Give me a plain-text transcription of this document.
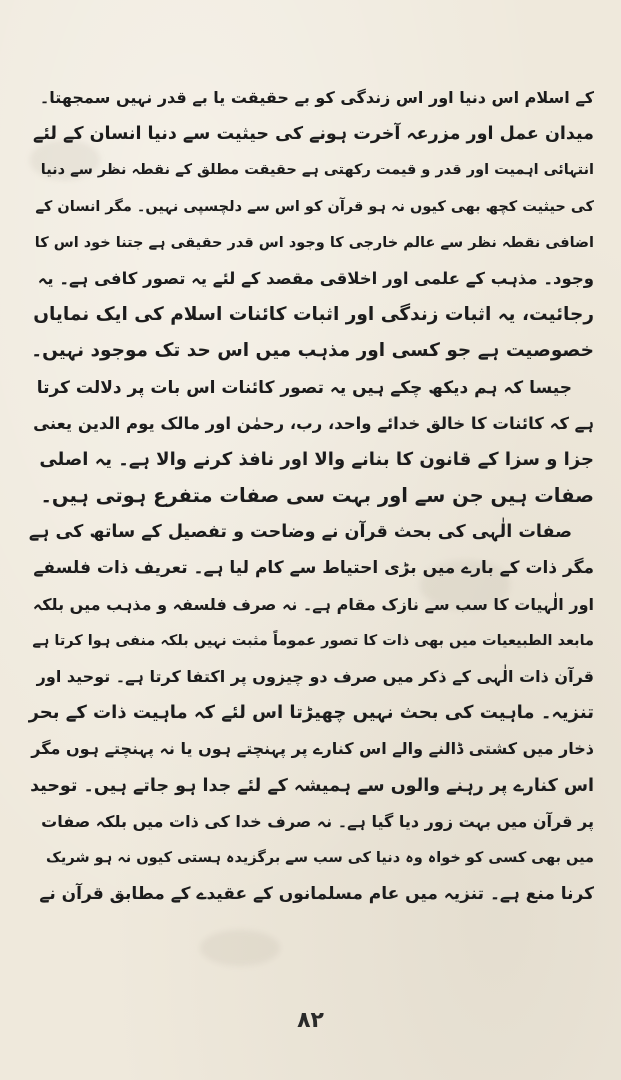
کے اسلام اس دنیا اور اس زندگی کو بے حقیقت یا بے قدر نہیں سمجھتا۔

میدان عمل اور مزرعہ آخرت ہونے کی حیثیت سے دنیا انسان کے لئے

انتہائی اہمیت اور قدر و قیمت رکھتی ہے حقیقت مطلق کے نقطہ نظر سے دنیا

کی حیثیت کچھ بھی کیوں نہ ہو قرآن کو اس سے دلچسپی نہیں۔ مگر انسان کے

اضافی نقطہ نظر سے عالم خارجی کا وجود اس قدر حقیقی ہے جتنا خود اس کا

وجود۔ مذہب کے علمی اور اخلاقی مقصد کے لئے یہ تصور کافی ہے۔ یہ

رجائیت، یہ اثبات زندگی اور اثبات کائنات اسلام کی ایک نمایاں

خصوصیت ہے جو کسی اور مذہب میں اس حد تک موجود نہیں۔

جیسا کہ ہم دیکھ چکے ہیں یہ تصور کائنات اس بات پر دلالت کرتا

ہے کہ کائنات کا خالق خدائے واحد، رب، رحمٰن اور مالک یوم الدین یعنی

جزا و سزا کے قانون کا بنانے والا اور نافذ کرنے والا ہے۔ یہ اصلی

صفات ہیں جن سے اور بہت سی صفات متفرع ہوتی ہیں۔

صفات الٰہی کی بحث قرآن نے وضاحت و تفصیل کے ساتھ کی ہے

مگر ذات کے بارے میں بڑی احتیاط سے کام لیا ہے۔ تعریف ذات فلسفے

اور الٰہیات کا سب سے نازک مقام ہے۔ نہ صرف فلسفہ و مذہب میں بلکہ

مابعد الطبیعیات میں بھی ذات کا تصور عموماً مثبت نہیں بلکہ منفی ہوا کرتا ہے

قرآن ذات الٰہی کے ذکر میں صرف دو چیزوں پر اکتفا کرتا ہے۔ توحید اور

تنزیہ۔ ماہیت کی بحث نہیں چھیڑتا اس لئے کہ ماہیت ذات کے بحر

ذخار میں کشتی ڈالنے والے اس کنارے پر پہنچتے ہوں یا نہ پہنچتے ہوں مگر

اس کنارے پر رہنے والوں سے ہمیشہ کے لئے جدا ہو جاتے ہیں۔ توحید

پر قرآن میں بہت زور دیا گیا ہے۔ نہ صرف خدا کی ذات میں بلکہ صفات

میں بھی کسی کو خواہ وہ دنیا کی سب سے برگزیدہ ہستی کیوں نہ ہو شریک

کرنا منع ہے۔ تنزیہ میں عام مسلمانوں کے عقیدے کے مطابق قرآن نے

۸۲
